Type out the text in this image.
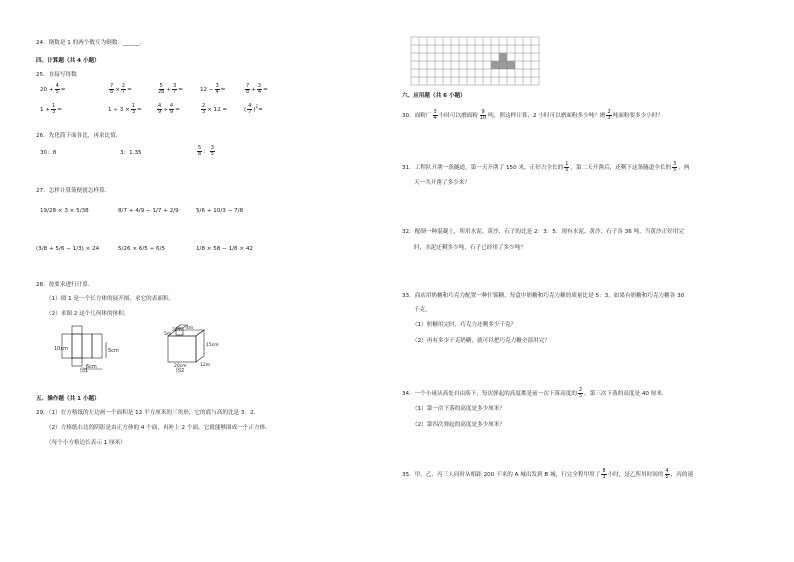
24．倒数是 1 的两个数互为倒数．______．
四、计算题（共 4 小题）
25．直接写得数
$20 + \frac{4}{5}$ =	$\frac{7}{8} \times \frac{2}{7}$ =	$\frac{5}{28} + \frac{3}{7}$ =	$12 - \frac{3}{4}$ =	$\frac{7}{8} + \frac{3}{4}$ =
$1 + \frac{1}{3}$ =	$1 \div 3 \times \frac{1}{3}$ =	$\frac{4}{9} \div \frac{4}{9}$ =	$\frac{2}{3} \times 12$ =	( $\frac{4}{7} )^2=$
26．先化简下面各比，再求比值．
30：8	3：1.35	$\frac{5}{8}$ ： $\frac{3}{5}$
27．怎样计算简便就怎样算．
19/28 × 3 × 5/38	8/7 + 4/9 − 1/7 + 2/9	5/6 + 10/3 − 7/8
(3/8 + 5/6 − 1/3) × 24	5/26 × 6/5 ÷ 6/5	1/8 × 58 − 1/8 × 42
28．按要求进行计算．
（1）图 1 是一个长方体的展开图，求它的表面积．
（2）求图 2 这个几何体的体积．
10cm	5cm
6cm
图1
3cm 4m
5m
15cm
20cm	12m
图2
五、操作题（共 1 小题）
29．（1）在方格纸的左边画一个面积是 12 平方厘米的三角形，它的底与高的比是 3：2．
（2）方格纸右边的阴影是由正方体的 4 个面，再补上 2 个面，它就能够围成一个正方体．
（每个小方格边长表示 1 厘米）
六、应用题（共 6 小题）
30．面粉厂 $\frac{3}{4}$ 小时可以磨面粉 $\frac{9}{10}$ 吨，照这样计算，2 小时可以磨面粉多少吨？磨 $\frac{2}{3}$ 吨面粉要多少小时？
31．工程队开凿一条隧道，第一天开凿了 150 米，正好占全长的 $\frac{1}{5}$ ，第二天开凿后，还剩下这条隧道全长的 $\frac{3}{5}$ ，两
天一共开凿了多少米？
32．配制一种混凝土，所用水泥、黄沙、石子的比是 2：3：5．现有水泥、黄沙、石子各 36 吨，当黄沙正好用完
时，水泥还剩多少吨，石子已经用了多少吨？
33．商店用奶糖和巧克力配置一种什锦糖，每盒中奶糖和巧克力糖的质量比是 5：3，如果有奶糖和巧克力糖各 30
千克，
（1）奶糖用完时，巧克力还剩多少千克？
（2）再有多少千克奶糖，就可以把巧克力糖全部用完？
34．一个小球从高处自由落下，每次弹起的高度都是前一次下落高度的 $\frac{2}{5}$ ，第三次下落的高度是 40 厘米．
（1）第一次下落的高度是多少厘米？
（2）第四次弹起的高度是多少厘米？
35．甲、乙、丙三人同时从相距 200 千米的 A 城出发到 B 城，行完全程甲用了 $\frac{8}{3}$ 小时，是乙所用时间的 $\frac{4}{5}$ ，丙的速
